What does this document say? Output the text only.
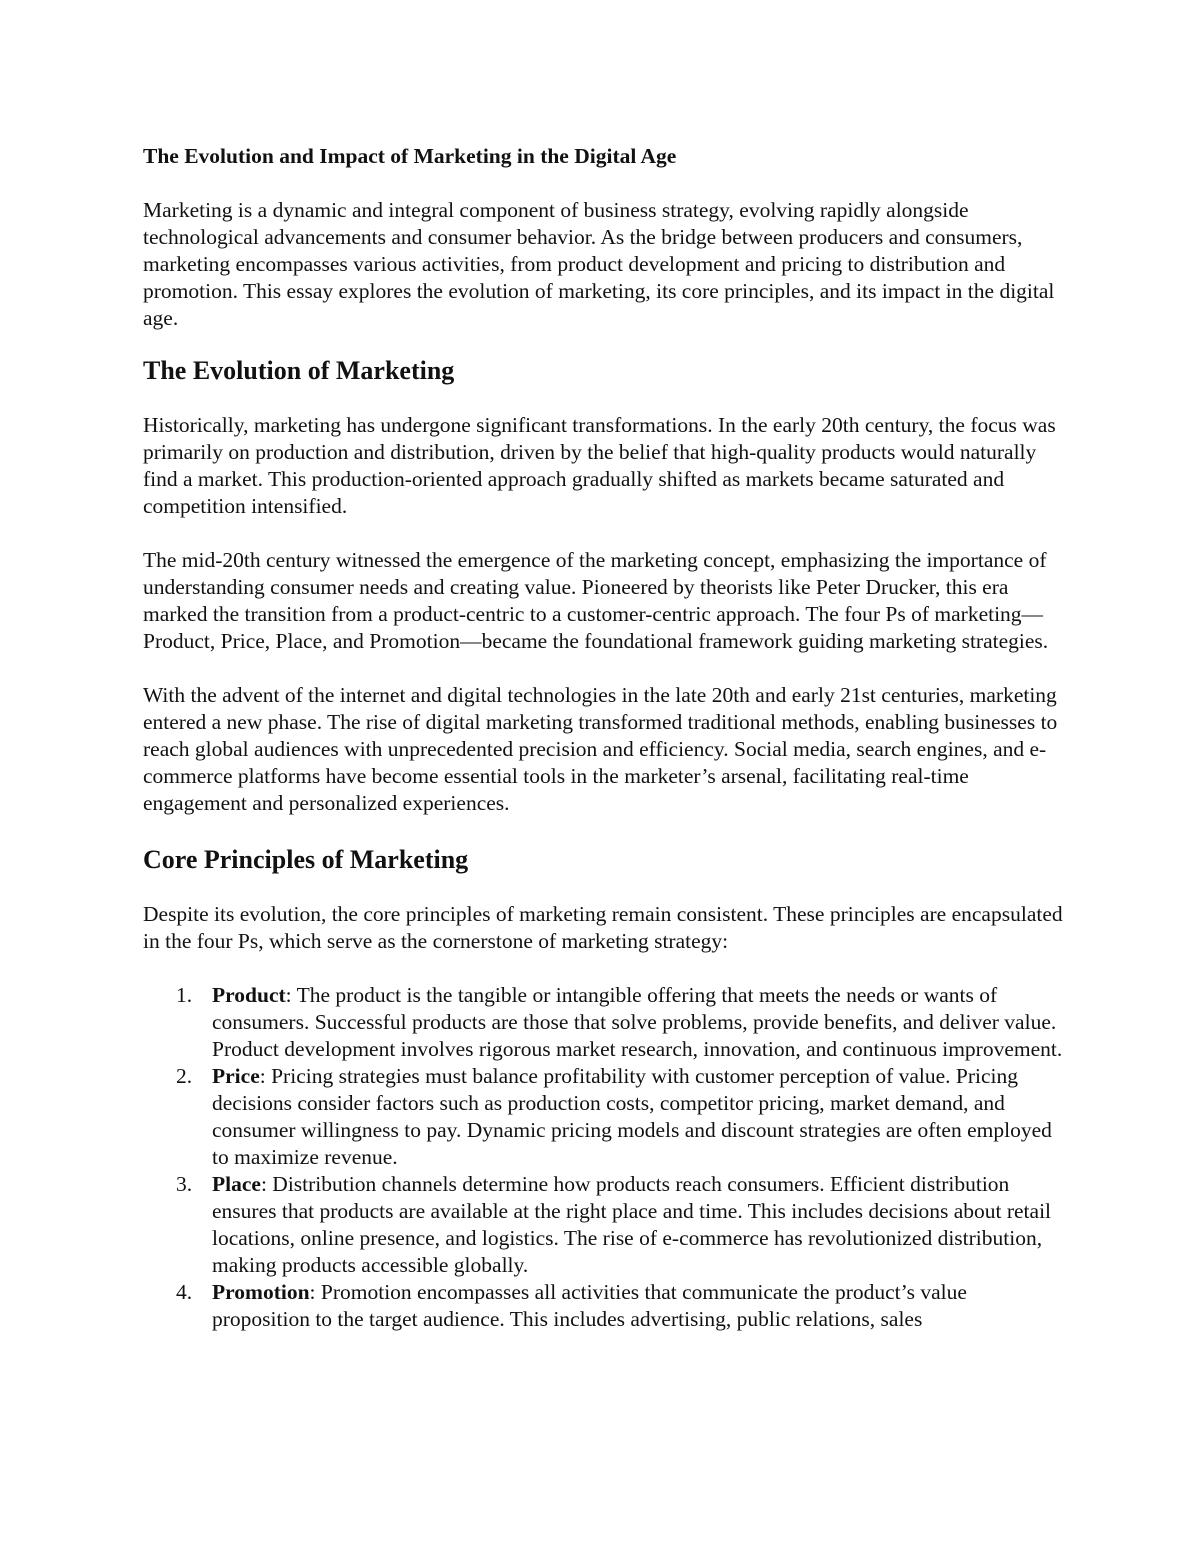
The Evolution and Impact of Marketing in the Digital Age

Marketing is a dynamic and integral component of business strategy, evolving rapidly alongside technological advancements and consumer behavior. As the bridge between producers and consumers, marketing encompasses various activities, from product development and pricing to distribution and promotion. This essay explores the evolution of marketing, its core principles, and its impact in the digital age.

The Evolution of Marketing

Historically, marketing has undergone significant transformations. In the early 20th century, the focus was primarily on production and distribution, driven by the belief that high-quality products would naturally find a market. This production-oriented approach gradually shifted as markets became saturated and competition intensified.

The mid-20th century witnessed the emergence of the marketing concept, emphasizing the importance of understanding consumer needs and creating value. Pioneered by theorists like Peter Drucker, this era marked the transition from a product-centric to a customer-centric approach. The four Ps of marketing—Product, Price, Place, and Promotion—became the foundational framework guiding marketing strategies.

With the advent of the internet and digital technologies in the late 20th and early 21st centuries, marketing entered a new phase. The rise of digital marketing transformed traditional methods, enabling businesses to reach global audiences with unprecedented precision and efficiency. Social media, search engines, and e-commerce platforms have become essential tools in the marketer’s arsenal, facilitating real-time engagement and personalized experiences.

Core Principles of Marketing

Despite its evolution, the core principles of marketing remain consistent. These principles are encapsulated in the four Ps, which serve as the cornerstone of marketing strategy:

1. Product: The product is the tangible or intangible offering that meets the needs or wants of consumers. Successful products are those that solve problems, provide benefits, and deliver value. Product development involves rigorous market research, innovation, and continuous improvement.
2. Price: Pricing strategies must balance profitability with customer perception of value. Pricing decisions consider factors such as production costs, competitor pricing, market demand, and consumer willingness to pay. Dynamic pricing models and discount strategies are often employed to maximize revenue.
3. Place: Distribution channels determine how products reach consumers. Efficient distribution ensures that products are available at the right place and time. This includes decisions about retail locations, online presence, and logistics. The rise of e-commerce has revolutionized distribution, making products accessible globally.
4. Promotion: Promotion encompasses all activities that communicate the product’s value proposition to the target audience. This includes advertising, public relations, sales
